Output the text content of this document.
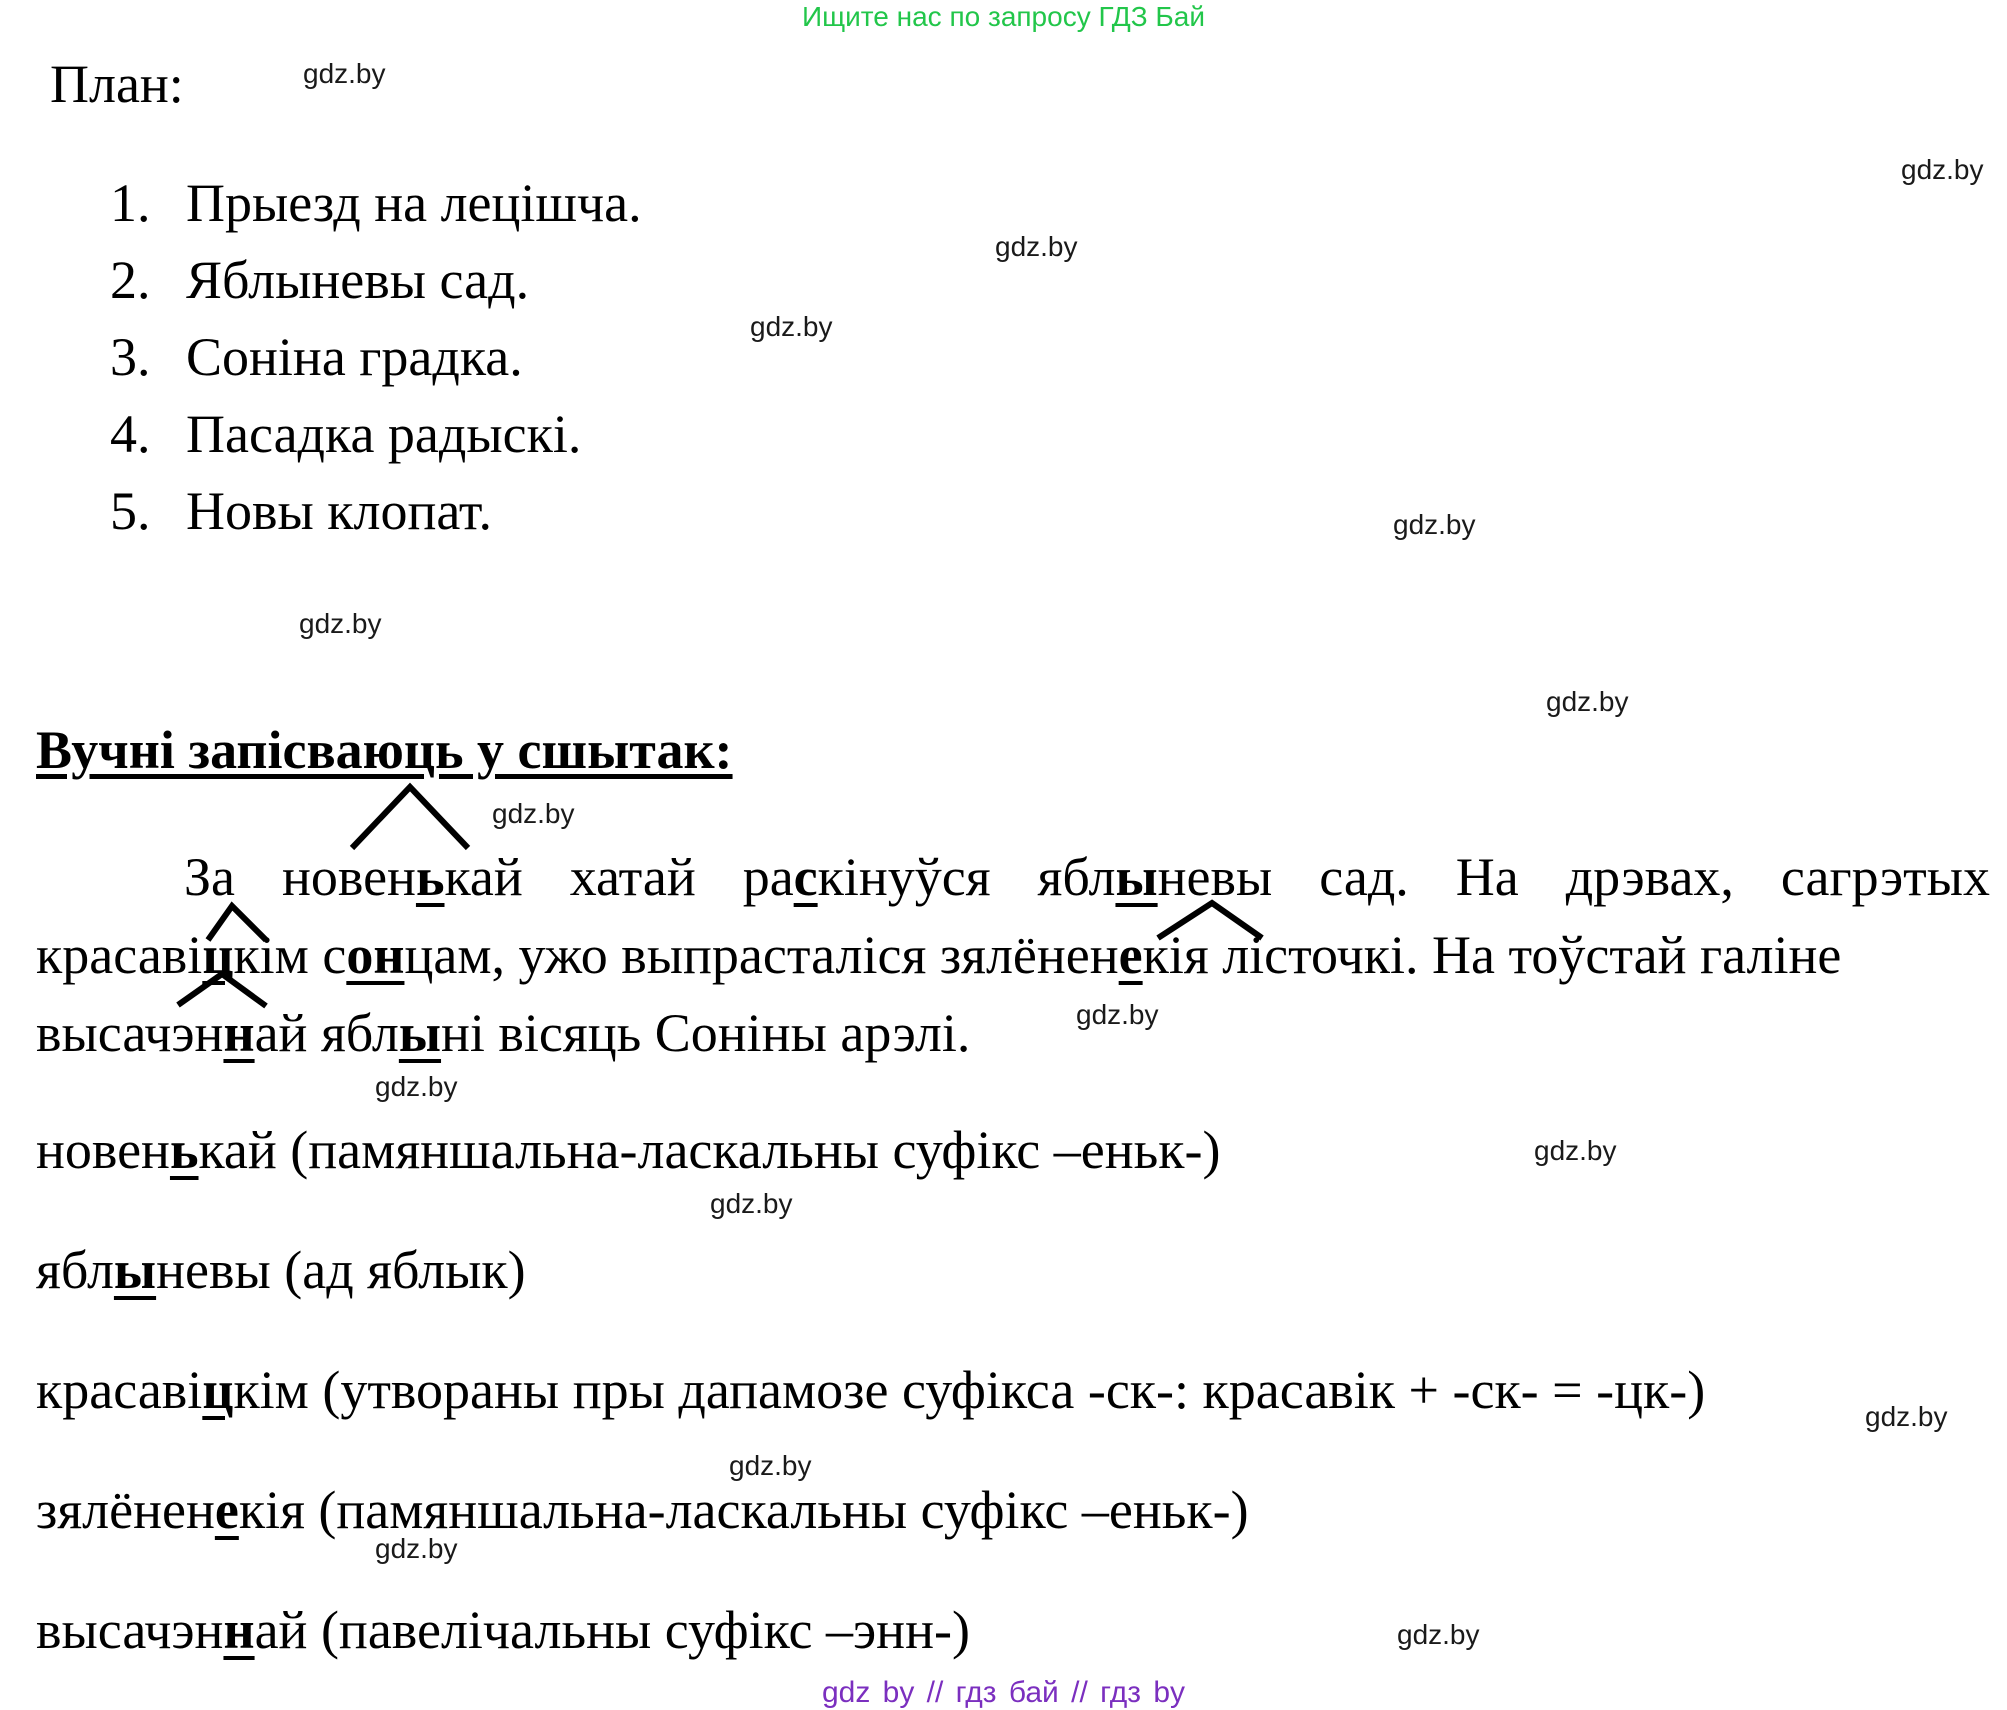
Ищите нас по запросу ГДЗ Бай
План:
1. Прыезд на лецішча.
2. Яблыневы сад.
3. Соніна градка.
4. Пасадка радыскі.
5. Новы клопат.
Вучні запісваюць у сшытак:
За новенькай хатай раскінуўся яблыневы сад. На дрэвах, сагрэтых
красавіцкім сонцам, ужо выпрасталіся зялёненекія лісточкі. На тоўстай галіне
высачэннай яблыні вісяць Соніны арэлі.
новенькай (памяншальна-ласкальны суфікс –еньк-)
яблыневы (ад яблык)
красавіцкім (утвораны пры дапамозе суфікса -ск-: красавік + -ск- = -цк-)
зялёненекія (памяншальна-ласкальны суфікс –еньк-)
высачэннай (павелічальны суфікс –энн-)
gdz.by
gdz.by
gdz.by
gdz.by
gdz.by
gdz.by
gdz.by
gdz.by
gdz.by
gdz.by
gdz.by
gdz.by
gdz.by
gdz.by
gdz.by
gdz.by
gdz by // гдз бай // гдз by
